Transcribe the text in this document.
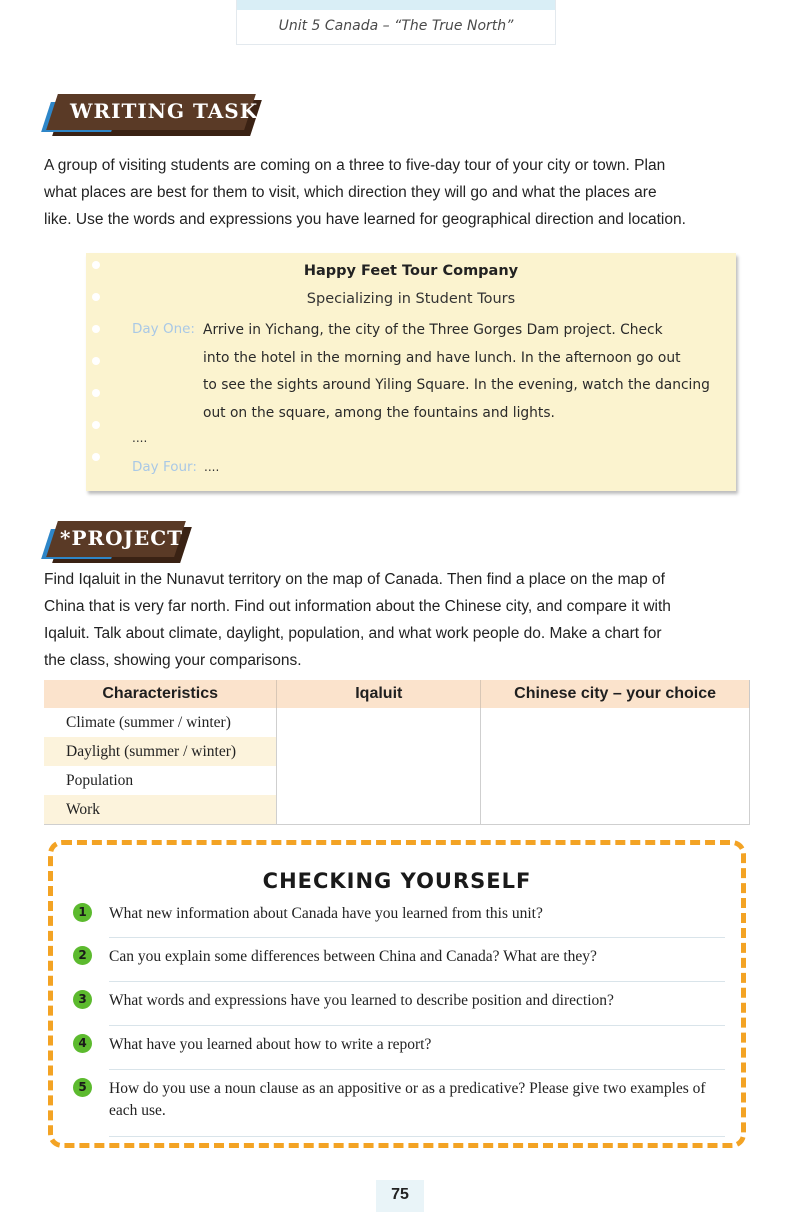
Unit 5 Canada – “The True North”
WRITING TASK
A group of visiting students are coming on a three to five-day tour of your city or town. Plan
what places are best for them to visit, which direction they will go and what the places are
like. Use the words and expressions you have learned for geographical direction and location.
Happy Feet Tour Company
Specializing in Student Tours
Day One: Arrive in Yichang, the city of the Three Gorges Dam project. Check
into the hotel in the morning and have lunch. In the afternoon go out
to see the sights around Yiling Square. In the evening, watch the dancing
out on the square, among the fountains and lights.
....
Day Four: ....
*PROJECT
Find Iqaluit in the Nunavut territory on the map of Canada. Then find a place on the map of
China that is very far north. Find out information about the Chinese city, and compare it with
Iqaluit. Talk about climate, daylight, population, and what work people do. Make a chart for
the class, showing your comparisons.
Characteristics	Iqaluit	Chinese city – your choice
Climate (summer / winter)		
Daylight (summer / winter)		
Population		
Work		
CHECKING YOURSELF
1	What new information about Canada have you learned from this unit?
2	Can you explain some differences between China and Canada? What are they?
3	What words and expressions have you learned to describe position and direction?
4	What have you learned about how to write a report?
5	How do you use a noun clause as an appositive or as a predicative? Please give two examples of each use.
75
